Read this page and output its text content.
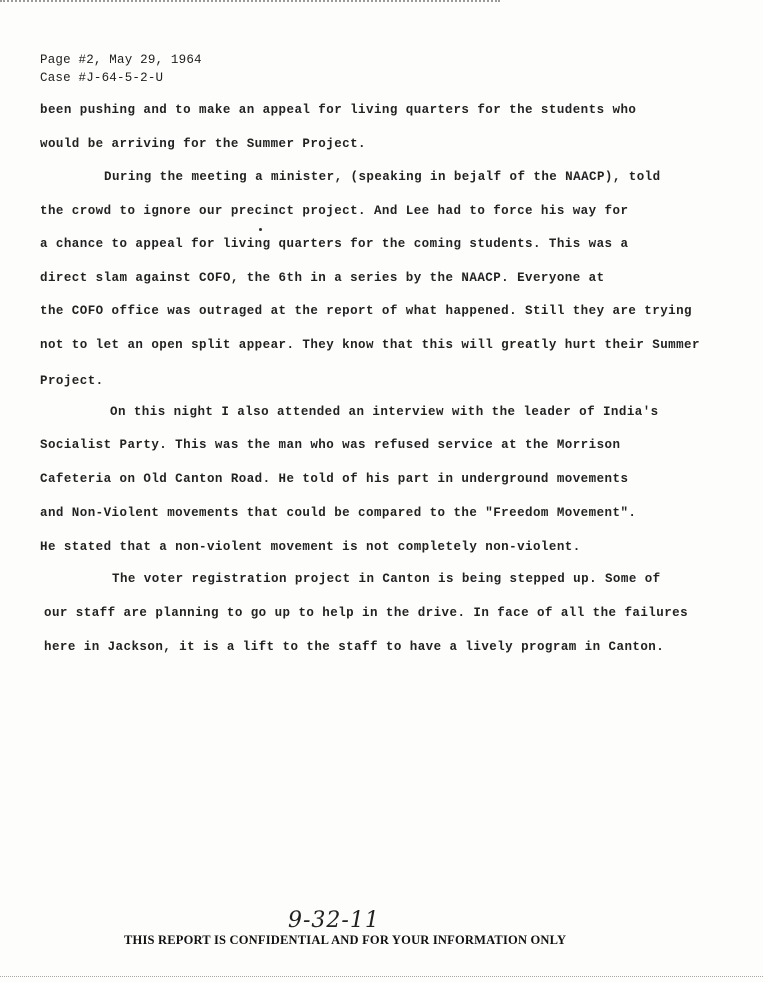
Page #2, May 29, 1964
Case #J-64-5-2-U
been pushing and to make an appeal for living quarters for the students who
would be arriving for the Summer Project.
During the meeting a minister, (speaking in bejalf of the NAACP), told
the crowd to ignore our precinct project. And Lee had to force his way for
a chance to appeal for living quarters for the coming students. This was a
direct slam against COFO, the 6th in a series by the NAACP. Everyone at
the COFO office was outraged at the report of what happened. Still they are trying
not to let an open split appear. They know that this will greatly hurt their Summer
Project.
On this night I also attended an interview with the leader of India's
Socialist Party. This was the man who was refused service at the Morrison
Cafeteria on Old Canton Road. He told of his part in underground movements
and Non-Violent movements that could be compared to the "Freedom Movement".
He stated that a non-violent movement is not completely non-violent.
The voter registration project in Canton is being stepped up. Some of
our staff are planning to go up to help in the drive. In face of all the failures
here in Jackson, it is a lift to the staff to have a lively program in Canton.
9-32-11
THIS REPORT IS CONFIDENTIAL AND FOR YOUR INFORMATION ONLY
